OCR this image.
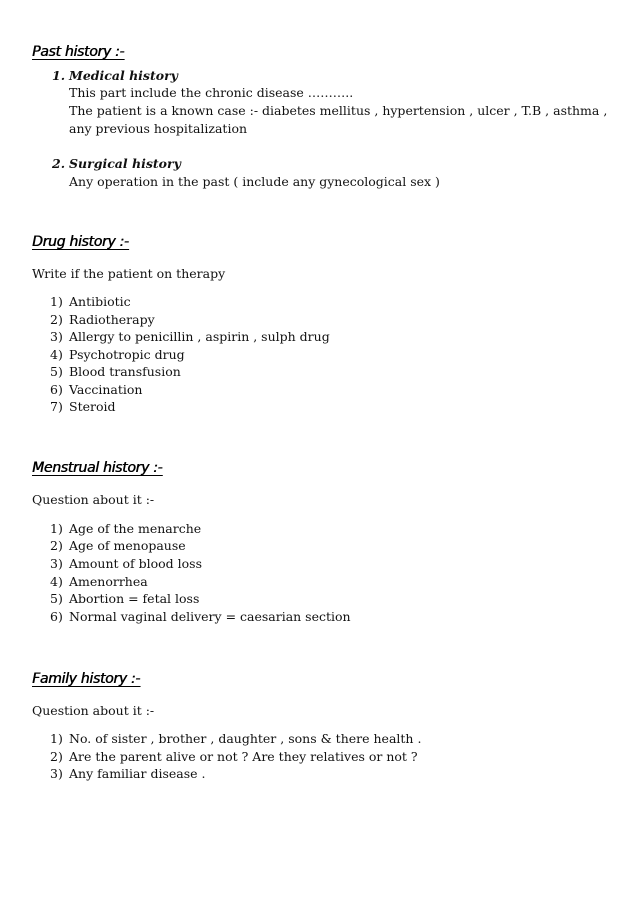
Past history :-
1. Medical history
This part include the chronic disease ………..
The patient is a known case :- diabetes mellitus , hypertension , ulcer , T.B , asthma ,
any previous hospitalization
2. Surgical history
Any operation in the past ( include any gynecological sex )
Drug history :-
Write if the patient on therapy
1) Antibiotic
2) Radiotherapy
3) Allergy to penicillin , aspirin , sulph drug
4) Psychotropic drug
5) Blood transfusion
6) Vaccination
7) Steroid
Menstrual history :-
Question about it :-
1) Age of the menarche
2) Age of menopause
3) Amount of blood loss
4) Amenorrhea
5) Abortion = fetal loss
6) Normal vaginal delivery = caesarian section
Family history :-
Question about it :-
1) No. of sister , brother , daughter , sons & there health .
2) Are the parent alive or not ? Are they relatives or not ?
3) Any familiar disease .
